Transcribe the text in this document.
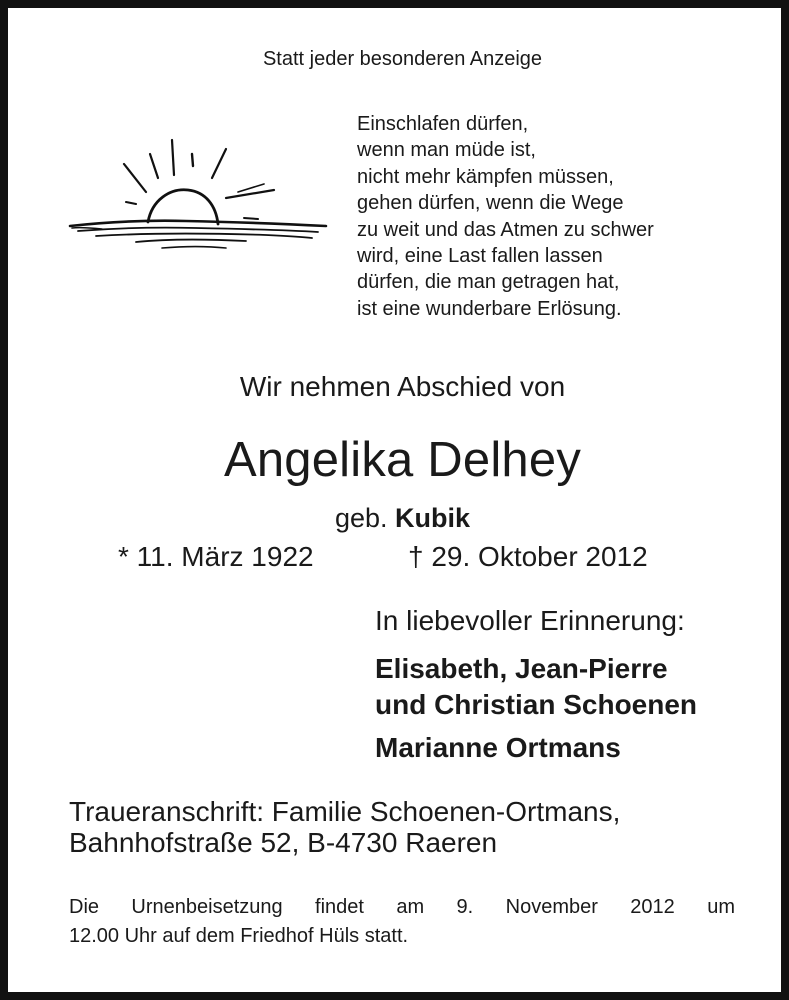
Statt jeder besonderen Anzeige
Einschlafen dürfen,
wenn man müde ist,
nicht mehr kämpfen müssen,
gehen dürfen, wenn die Wege
zu weit und das Atmen zu schwer
wird, eine Last fallen lassen
dürfen, die man getragen hat,
ist eine wunderbare Erlösung.
Wir nehmen Abschied von
Angelika Delhey
geb. Kubik
* 11. März 1922	† 29. Oktober 2012
In liebevoller Erinnerung:
Elisabeth, Jean-Pierre
und Christian Schoenen
Marianne Ortmans
Traueranschrift: Familie Schoenen-Ortmans,
Bahnhofstraße 52, B-4730 Raeren
Die Urnenbeisetzung findet am 9. November 2012 um
12.00 Uhr auf dem Friedhof Hüls statt.
